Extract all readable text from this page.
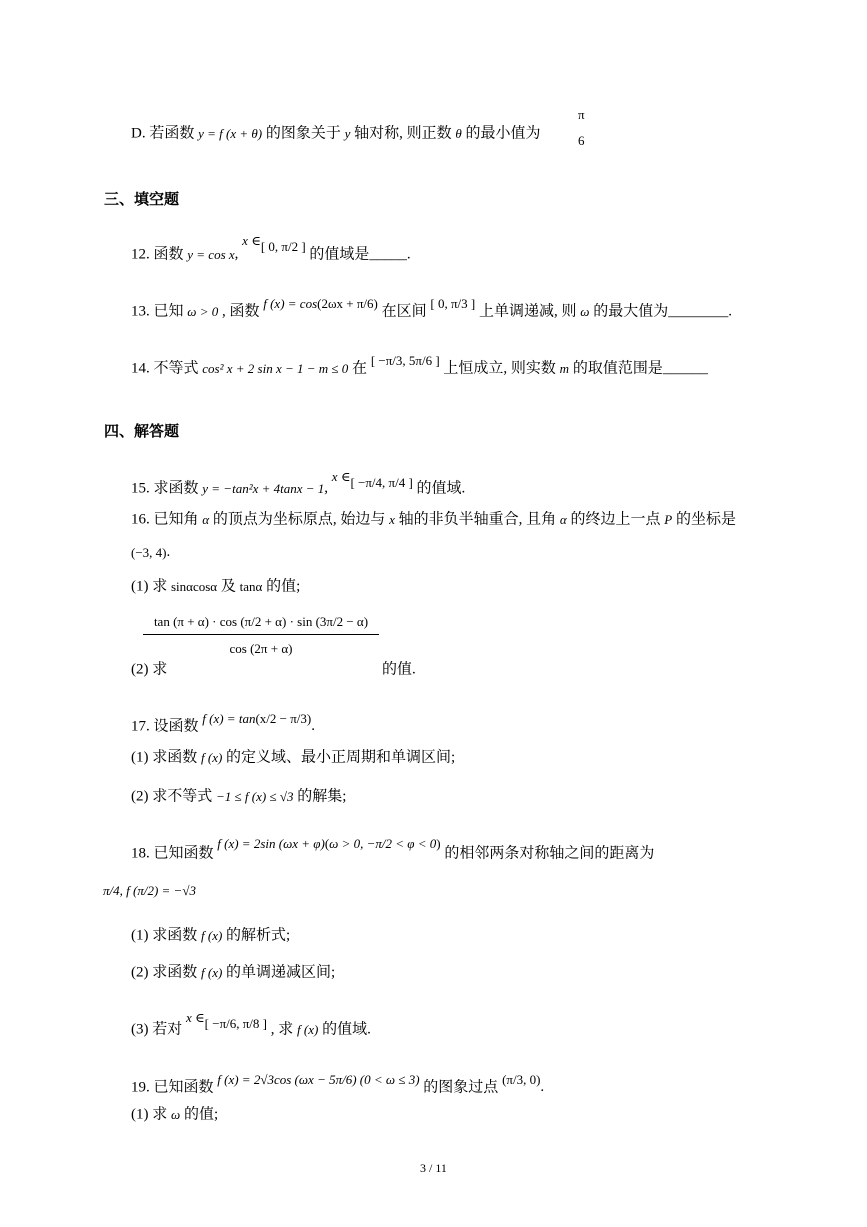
D. 若函数 y = f (x + θ) 的图象关于 y 轴对称, 则正数 θ 的最小值为
π
6
三、填空题
12. 函数 y = cos x, x ∈[ 0, π/2 ] 的值域是_____.
13. 已知 ω > 0 , 函数 f (x) = cos(2ωx + π/6) 在区间 [ 0, π/3 ] 上单调递减, 则 ω 的最大值为________.
14. 不等式 cos² x + 2 sin x − 1 − m ≤ 0 在 [ −π/3, 5π/6 ] 上恒成立, 则实数 m 的取值范围是______
四、解答题
15. 求函数 y = −tan²x + 4tanx − 1, x ∈[ −π/4, π/4 ] 的值域.
16. 已知角 α 的顶点为坐标原点, 始边与 x 轴的非负半轴重合, 且角 α 的终边上一点 P 的坐标是
(−3, 4).
(1) 求 sinαcosα 及 tanα 的值;
(2) 求
$\frac{\tan (\pi + \alpha) \cdot \cos (\pi/2 + \alpha) \cdot \sin (3\pi/2 - \alpha)}{\cos (2\pi + \alpha)}$
的值.
17. 设函数 f (x) = tan(x/2 − π/3).
(1) 求函数 f (x) 的定义域、最小正周期和单调区间;
(2) 求不等式 −1 ≤ f (x) ≤ √3 的解集;
18. 已知函数 f (x) = 2sin (ωx + φ)(ω > 0, −π/2 < φ < 0) 的相邻两条对称轴之间的距离为
π/4, f (π/2) = −√3
(1) 求函数 f (x) 的解析式;
(2) 求函数 f (x) 的单调递减区间;
(3) 若对 x ∈[ −π/6, π/8 ] , 求 f (x) 的值域.
19. 已知函数 f (x) = 2√3cos (ωx − 5π/6) (0 < ω ≤ 3) 的图象过点 (π/3, 0).
(1) 求 ω 的值;
3 / 11
